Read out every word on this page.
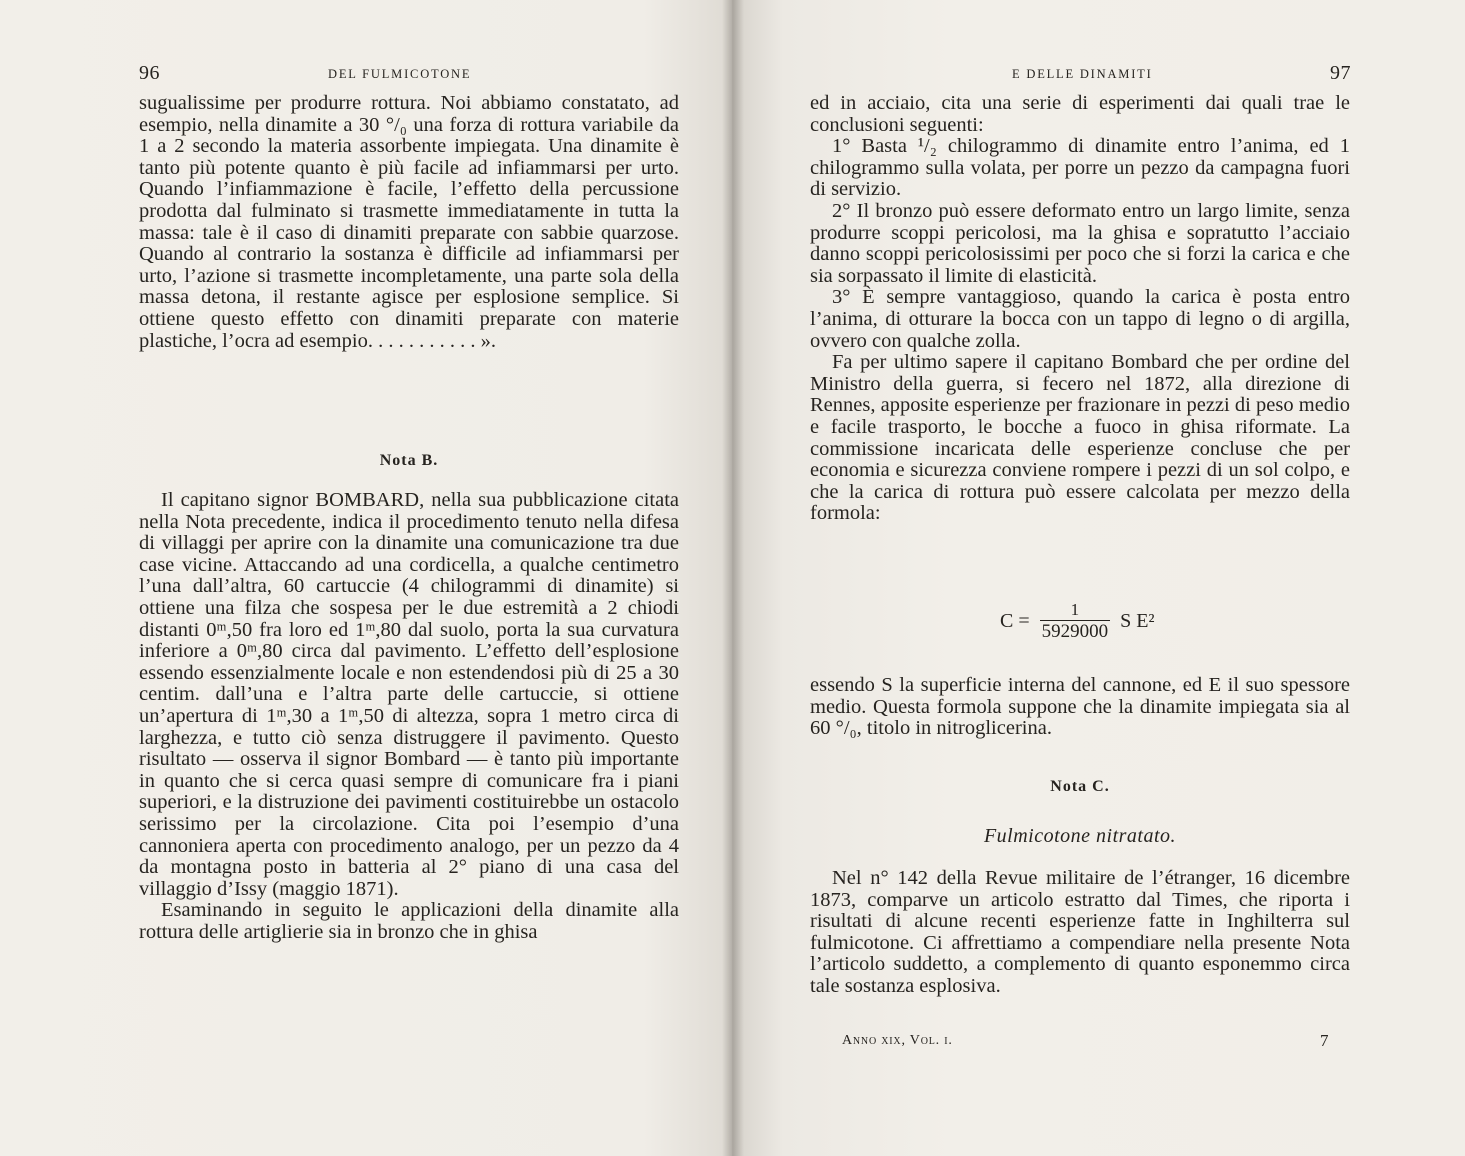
96	DEL FULMICOTONE

sugualissime per produrre rottura. Noi abbiamo constatato, ad esempio, nella dinamite a 30 °/₀ una forza di rottura variabile da 1 a 2 secondo la materia assorbente impiegata. Una dinamite è tanto più potente quanto è più facile ad infiammarsi per urto. Quando l’infiammazione è facile, l’effetto della percussione prodotta dal fulminato si trasmette immediatamente in tutta la massa: tale è il caso di dinamiti preparate con sabbie quarzose. Quando al contrario la sostanza è difficile ad infiammarsi per urto, l’azione si trasmette incompletamente, una parte sola della massa detona, il restante agisce per esplosione semplice. Si ottiene questo effetto con dinamiti preparate con materie plastiche, l’ocra ad esempio. . . . . . . . . . . ».

Nota B.

Il capitano signor BOMBARD, nella sua pubblicazione citata nella Nota precedente, indica il procedimento tenuto nella difesa di villaggi per aprire con la dinamite una comunicazione tra due case vicine. Attaccando ad una cordicella, a qualche centimetro l’una dall’altra, 60 cartuccie (4 chilogrammi di dinamite) si ottiene una filza che sospesa per le due estremità a 2 chiodi distanti 0ᵐ,50 fra loro ed 1ᵐ,80 dal suolo, porta la sua curvatura inferiore a 0ᵐ,80 circa dal pavimento. L’effetto dell’esplosione essendo essenzialmente locale e non estendendosi più di 25 a 30 centim. dall’una e l’altra parte delle cartuccie, si ottiene un’apertura di 1ᵐ,30 a 1ᵐ,50 di altezza, sopra 1 metro circa di larghezza, e tutto ciò senza distruggere il pavimento. Questo risultato — osserva il signor Bombard — è tanto più importante in quanto che si cerca quasi sempre di comunicare fra i piani superiori, e la distruzione dei pavimenti costituirebbe un ostacolo serissimo per la circolazione. Cita poi l’esempio d’una cannoniera aperta con procedimento analogo, per un pezzo da 4 da montagna posto in batteria al 2° piano di una casa del villaggio d’Issy (maggio 1871).

Esaminando in seguito le applicazioni della dinamite alla rottura delle artiglierie sia in bronzo che in ghisa

E DELLE DINAMITI	97

ed in acciaio, cita una serie di esperimenti dai quali trae le conclusioni seguenti:

1° Basta ¹/₂ chilogrammo di dinamite entro l’anima, ed 1 chilogrammo sulla volata, per porre un pezzo da campagna fuori di servizio.

2° Il bronzo può essere deformato entro un largo limite, senza produrre scoppi pericolosi, ma la ghisa e sopratutto l’acciaio danno scoppi pericolosissimi per poco che si forzi la carica e che sia sorpassato il limite di elasticità.

3° È sempre vantaggioso, quando la carica è posta entro l’anima, di otturare la bocca con un tappo di legno o di argilla, ovvero con qualche zolla.

Fa per ultimo sapere il capitano Bombard che per ordine del Ministro della guerra, si fecero nel 1872, alla direzione di Rennes, apposite esperienze per frazionare in pezzi di peso medio e facile trasporto, le bocche a fuoco in ghisa riformate. La commissione incaricata delle esperienze concluse che per economia e sicurezza conviene rompere i pezzi di un sol colpo, e che la carica di rottura può essere calcolata per mezzo della formola:

$C = \frac{1}{5929000}$ S E²

essendo S la superficie interna del cannone, ed E il suo spessore medio. Questa formola suppone che la dinamite impiegata sia al 60 °/₀, titolo in nitroglicerina.

Nota C.
Fulmicotone nitratato.

Nel n° 142 della Revue militaire de l’étranger, 16 dicembre 1873, comparve un articolo estratto dal Times, che riporta i risultati di alcune recenti esperienze fatte in Inghilterra sul fulmicotone. Ci affrettiamo a compendiare nella presente Nota l’articolo suddetto, a complemento di quanto esponemmo circa tale sostanza esplosiva.

Anno xix, Vol. i.	7
